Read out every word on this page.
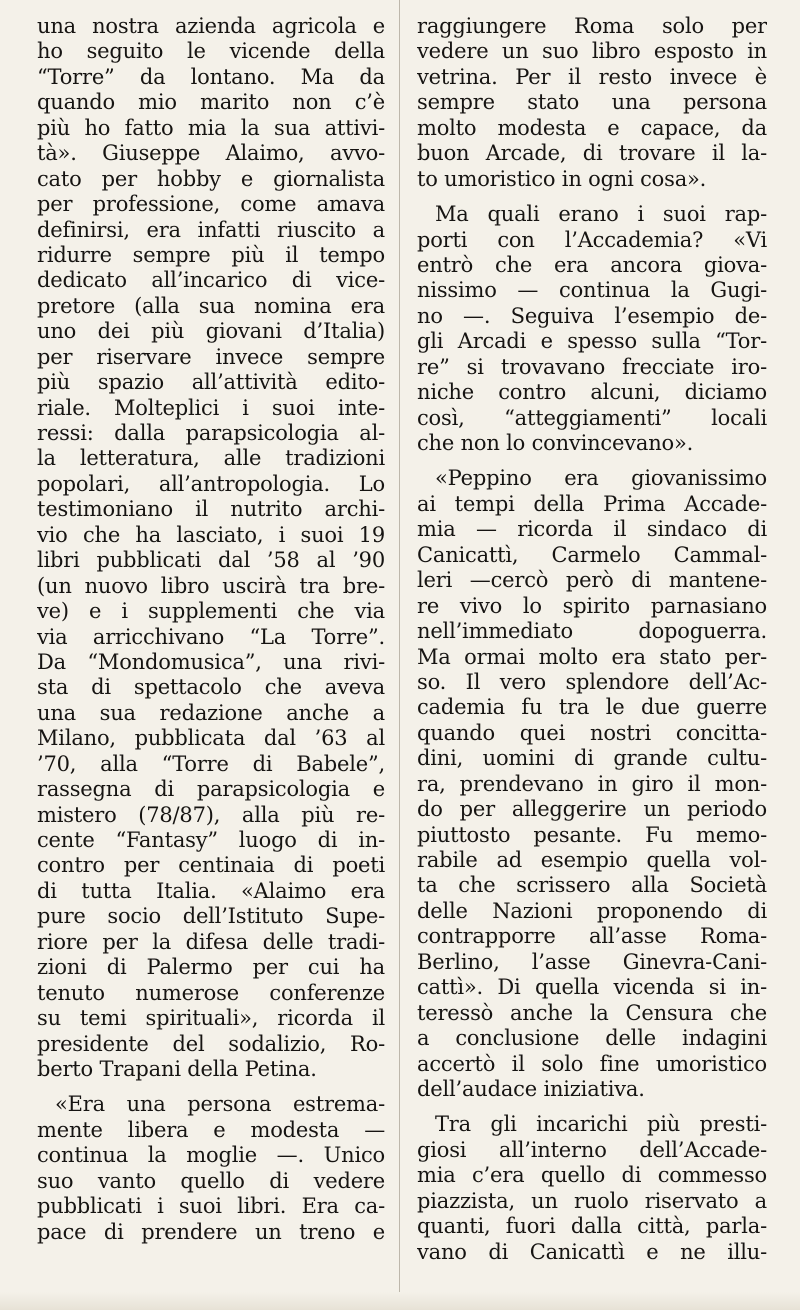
una nostra azienda agricola e
ho seguito le vicende della
“Torre” da lontano. Ma da
quando mio marito non c’è
più ho fatto mia la sua attivi-
tà». Giuseppe Alaimo, avvo-
cato per hobby e giornalista
per professione, come amava
definirsi, era infatti riuscito a
ridurre sempre più il tempo
dedicato all’incarico di vice-
pretore (alla sua nomina era
uno dei più giovani d’Italia)
per riservare invece sempre
più spazio all’attività edito-
riale. Molteplici i suoi inte-
ressi: dalla parapsicologia al-
la letteratura, alle tradizioni
popolari, all’antropologia. Lo
testimoniano il nutrito archi-
vio che ha lasciato, i suoi 19
libri pubblicati dal ’58 al ’90
(un nuovo libro uscirà tra bre-
ve) e i supplementi che via
via arricchivano “La Torre”.
Da “Mondomusica”, una rivi-
sta di spettacolo che aveva
una sua redazione anche a
Milano, pubblicata dal ’63 al
’70, alla “Torre di Babele”,
rassegna di parapsicologia e
mistero (78/87), alla più re-
cente “Fantasy” luogo di in-
contro per centinaia di poeti
di tutta Italia. «Alaimo era
pure socio dell’Istituto Supe-
riore per la difesa delle tradi-
zioni di Palermo per cui ha
tenuto numerose conferenze
su temi spirituali», ricorda il
presidente del sodalizio, Ro-
berto Trapani della Petina.
«Era una persona estrema-
mente libera e modesta —
continua la moglie —. Unico
suo vanto quello di vedere
pubblicati i suoi libri. Era ca-
pace di prendere un treno e
raggiungere Roma solo per
vedere un suo libro esposto in
vetrina. Per il resto invece è
sempre stato una persona
molto modesta e capace, da
buon Arcade, di trovare il la-
to umoristico in ogni cosa».
Ma quali erano i suoi rap-
porti con l’Accademia? «Vi
entrò che era ancora giova-
nissimo — continua la Gugi-
no —. Seguiva l’esempio de-
gli Arcadi e spesso sulla “Tor-
re” si trovavano frecciate iro-
niche contro alcuni, diciamo
così, “atteggiamenti” locali
che non lo convincevano».
«Peppino era giovanissimo
ai tempi della Prima Accade-
mia — ricorda il sindaco di
Canicattì, Carmelo Cammal-
leri —cercò però di mantene-
re vivo lo spirito parnasiano
nell’immediato dopoguerra.
Ma ormai molto era stato per-
so. Il vero splendore dell’Ac-
cademia fu tra le due guerre
quando quei nostri concitta-
dini, uomini di grande cultu-
ra, prendevano in giro il mon-
do per alleggerire un periodo
piuttosto pesante. Fu memo-
rabile ad esempio quella vol-
ta che scrissero alla Società
delle Nazioni proponendo di
contrapporre all’asse Roma-
Berlino, l’asse Ginevra-Cani-
cattì». Di quella vicenda si in-
teressò anche la Censura che
a conclusione delle indagini
accertò il solo fine umoristico
dell’audace iniziativa.
Tra gli incarichi più presti-
giosi all’interno dell’Accade-
mia c’era quello di commesso
piazzista, un ruolo riservato a
quanti, fuori dalla città, parla-
vano di Canicattì e ne illu-
